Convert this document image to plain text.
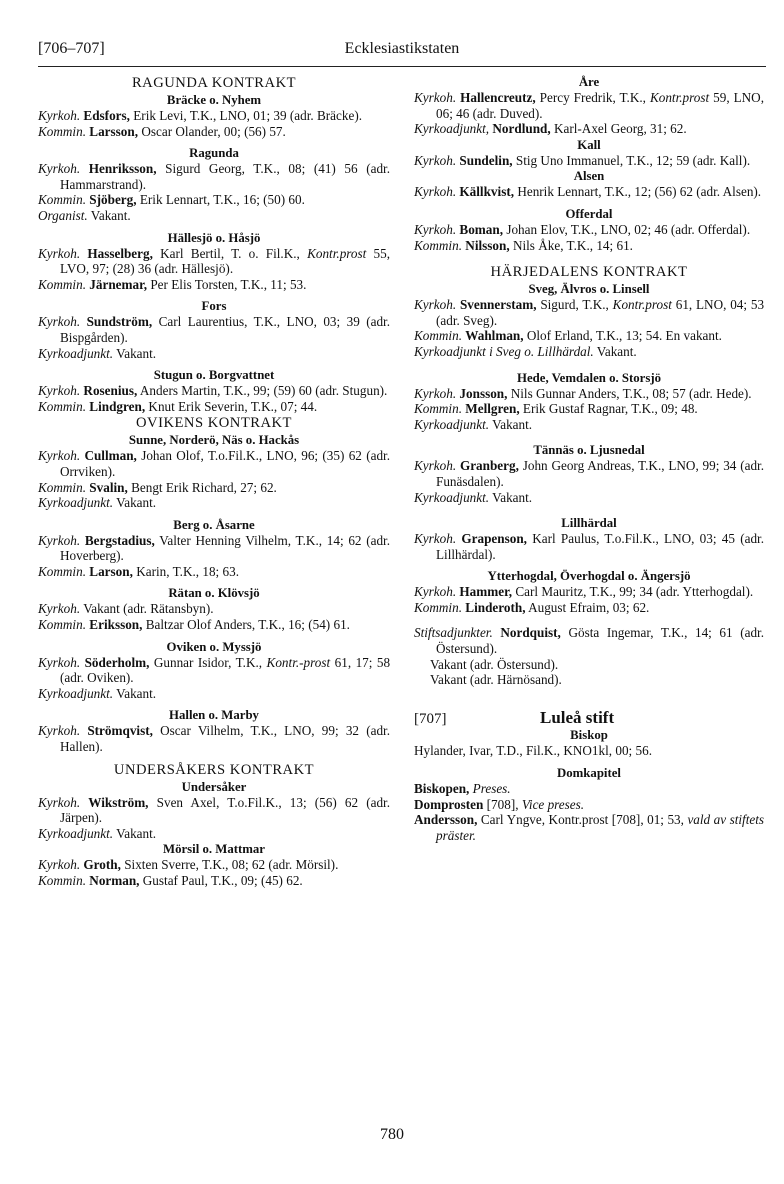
[706–707]	Ecklesiastikstaten
RAGUNDA KONTRAKT
Bräcke o. Nyhem
Kyrkoh. Edsfors, Erik Levi, T.K., LNO, 01; 39 (adr. Bräcke).
Kommin. Larsson, Oscar Olander, 00; (56) 57.
Ragunda
Kyrkoh. Henriksson, Sigurd Georg, T.K., 08; (41) 56 (adr. Hammarstrand).
Kommin. Sjöberg, Erik Lennart, T.K., 16; (50) 60.
Organist. Vakant.
Hällesjö o. Håsjö
Kyrkoh. Hasselberg, Karl Bertil, T. o. Fil.K., Kontr.prost 55, LVO, 97; (28) 36 (adr. Hällesjö).
Kommin. Järnemar, Per Elis Torsten, T.K., 11; 53.
Fors
Kyrkoh. Sundström, Carl Laurentius, T.K., LNO, 03; 39 (adr. Bispgården).
Kyrkoadjunkt. Vakant.
Stugun o. Borgvattnet
Kyrkoh. Rosenius, Anders Martin, T.K., 99; (59) 60 (adr. Stugun).
Kommin. Lindgren, Knut Erik Severin, T.K., 07; 44.
OVIKENS KONTRAKT
Sunne, Norderö, Näs o. Hackås
Kyrkoh. Cullman, Johan Olof, T.o.Fil.K., LNO, 96; (35) 62 (adr. Orrviken).
Kommin. Svalin, Bengt Erik Richard, 27; 62.
Kyrkoadjunkt. Vakant.
Berg o. Åsarne
Kyrkoh. Bergstadius, Valter Henning Vilhelm, T.K., 14; 62 (adr. Hoverberg).
Kommin. Larson, Karin, T.K., 18; 63.
Rätan o. Klövsjö
Kyrkoh. Vakant (adr. Rätansbyn).
Kommin. Eriksson, Baltzar Olof Anders, T.K., 16; (54) 61.
Oviken o. Myssjö
Kyrkoh. Söderholm, Gunnar Isidor, T.K., Kontr.-prost 61, 17; 58 (adr. Oviken).
Kyrkoadjunkt. Vakant.
Hallen o. Marby
Kyrkoh. Strömqvist, Oscar Vilhelm, T.K., LNO, 99; 32 (adr. Hallen).
UNDERSÅKERS KONTRAKT
Undersåker
Kyrkoh. Wikström, Sven Axel, T.o.Fil.K., 13; (56) 62 (adr. Järpen).
Kyrkoadjunkt. Vakant.
Mörsil o. Mattmar
Kyrkoh. Groth, Sixten Sverre, T.K., 08; 62 (adr. Mörsil).
Kommin. Norman, Gustaf Paul, T.K., 09; (45) 62.
Åre
Kyrkoh. Hallencreutz, Percy Fredrik, T.K., Kontr.prost 59, LNO, 06; 46 (adr. Duved).
Kyrkoadjunkt, Nordlund, Karl-Axel Georg, 31; 62.
Kall
Kyrkoh. Sundelin, Stig Uno Immanuel, T.K., 12; 59 (adr. Kall).
Alsen
Kyrkoh. Källkvist, Henrik Lennart, T.K., 12; (56) 62 (adr. Alsen).
Offerdal
Kyrkoh. Boman, Johan Elov, T.K., LNO, 02; 46 (adr. Offerdal).
Kommin. Nilsson, Nils Åke, T.K., 14; 61.
HÄRJEDALENS KONTRAKT
Sveg, Älvros o. Linsell
Kyrkoh. Svennerstam, Sigurd, T.K., Kontr.prost 61, LNO, 04; 53 (adr. Sveg).
Kommin. Wahlman, Olof Erland, T.K., 13; 54. En vakant.
Kyrkoadjunkt i Sveg o. Lillhärdal. Vakant.
Hede, Vemdalen o. Storsjö
Kyrkoh. Jonsson, Nils Gunnar Anders, T.K., 08; 57 (adr. Hede).
Kommin. Mellgren, Erik Gustaf Ragnar, T.K., 09; 48.
Kyrkoadjunkt. Vakant.
Tännäs o. Ljusnedal
Kyrkoh. Granberg, John Georg Andreas, T.K., LNO, 99; 34 (adr. Funäsdalen).
Kyrkoadjunkt. Vakant.
Lillhärdal
Kyrkoh. Grapenson, Karl Paulus, T.o.Fil.K., LNO, 03; 45 (adr. Lillhärdal).
Ytterhogdal, Överhogdal o. Ängersjö
Kyrkoh. Hammer, Carl Mauritz, T.K., 99; 34 (adr. Ytterhogdal).
Kommin. Linderoth, August Efraim, 03; 62.
Stiftsadjunkter. Nordquist, Gösta Ingemar, T.K., 14; 61 (adr. Östersund).
Vakant (adr. Östersund).
Vakant (adr. Härnösand).
[707]	Luleå stift
Biskop
Hylander, Ivar, T.D., Fil.K., KNO1kl, 00; 56.
Domkapitel
Biskopen, Preses.
Domprosten [708], Vice preses.
Andersson, Carl Yngve, Kontr.prost [708], 01; 53, vald av stiftets präster.
780
